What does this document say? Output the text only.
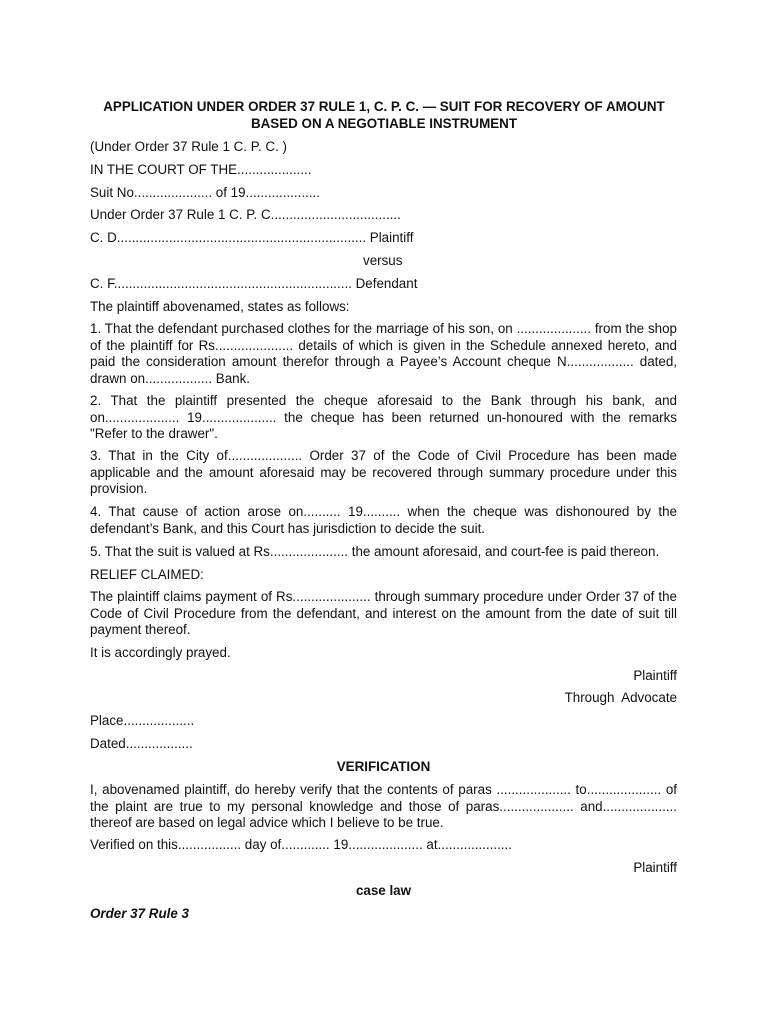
APPLICATION UNDER ORDER 37 RULE 1, C. P. C. — SUIT FOR RECOVERY OF AMOUNT

BASED ON A NEGOTIABLE INSTRUMENT

(Under Order 37 Rule 1 C. P. C. )

IN THE COURT OF THE....................

Suit No..................... of 19....................

Under Order 37 Rule 1 C. P. C...................................

C. D................................................................... Plaintiff

versus

C. F................................................................ Defendant

The plaintiff abovenamed, states as follows:

1. That the defendant purchased clothes for the marriage of his son, on .................... from the shop of the plaintiff for Rs..................... details of which is given in the Schedule annexed hereto, and paid the consideration amount therefor through a Payee’s Account cheque N.................. dated, drawn on.................. Bank.

2. That the plaintiff presented the cheque aforesaid to the Bank through his bank, and on.................... 19.................... the cheque has been returned un-honoured with the remarks "Refer to the drawer".

3. That in the City of.................... Order 37 of the Code of Civil Procedure has been made applicable and the amount aforesaid may be recovered through summary procedure under this provision.

4. That cause of action arose on.......... 19.......... when the cheque was dishonoured by the defendant’s Bank, and this Court has jurisdiction to decide the suit.

5. That the suit is valued at Rs..................... the amount aforesaid, and court-fee is paid thereon.

RELIEF CLAIMED:

The plaintiff claims payment of Rs..................... through summary procedure under Order 37 of the Code of Civil Procedure from the defendant, and interest on the amount from the date of suit till payment thereof.

It is accordingly prayed.

Plaintiff

Through  Advocate

Place...................

Dated..................

VERIFICATION

I, abovenamed plaintiff, do hereby verify that the contents of paras .................... to.................... of the plaint are true to my personal knowledge and those of paras.................... and.................... thereof are based on legal advice which I believe to be true.

Verified on this................. day of............. 19.................... at....................

Plaintiff

case law

Order 37 Rule 3
